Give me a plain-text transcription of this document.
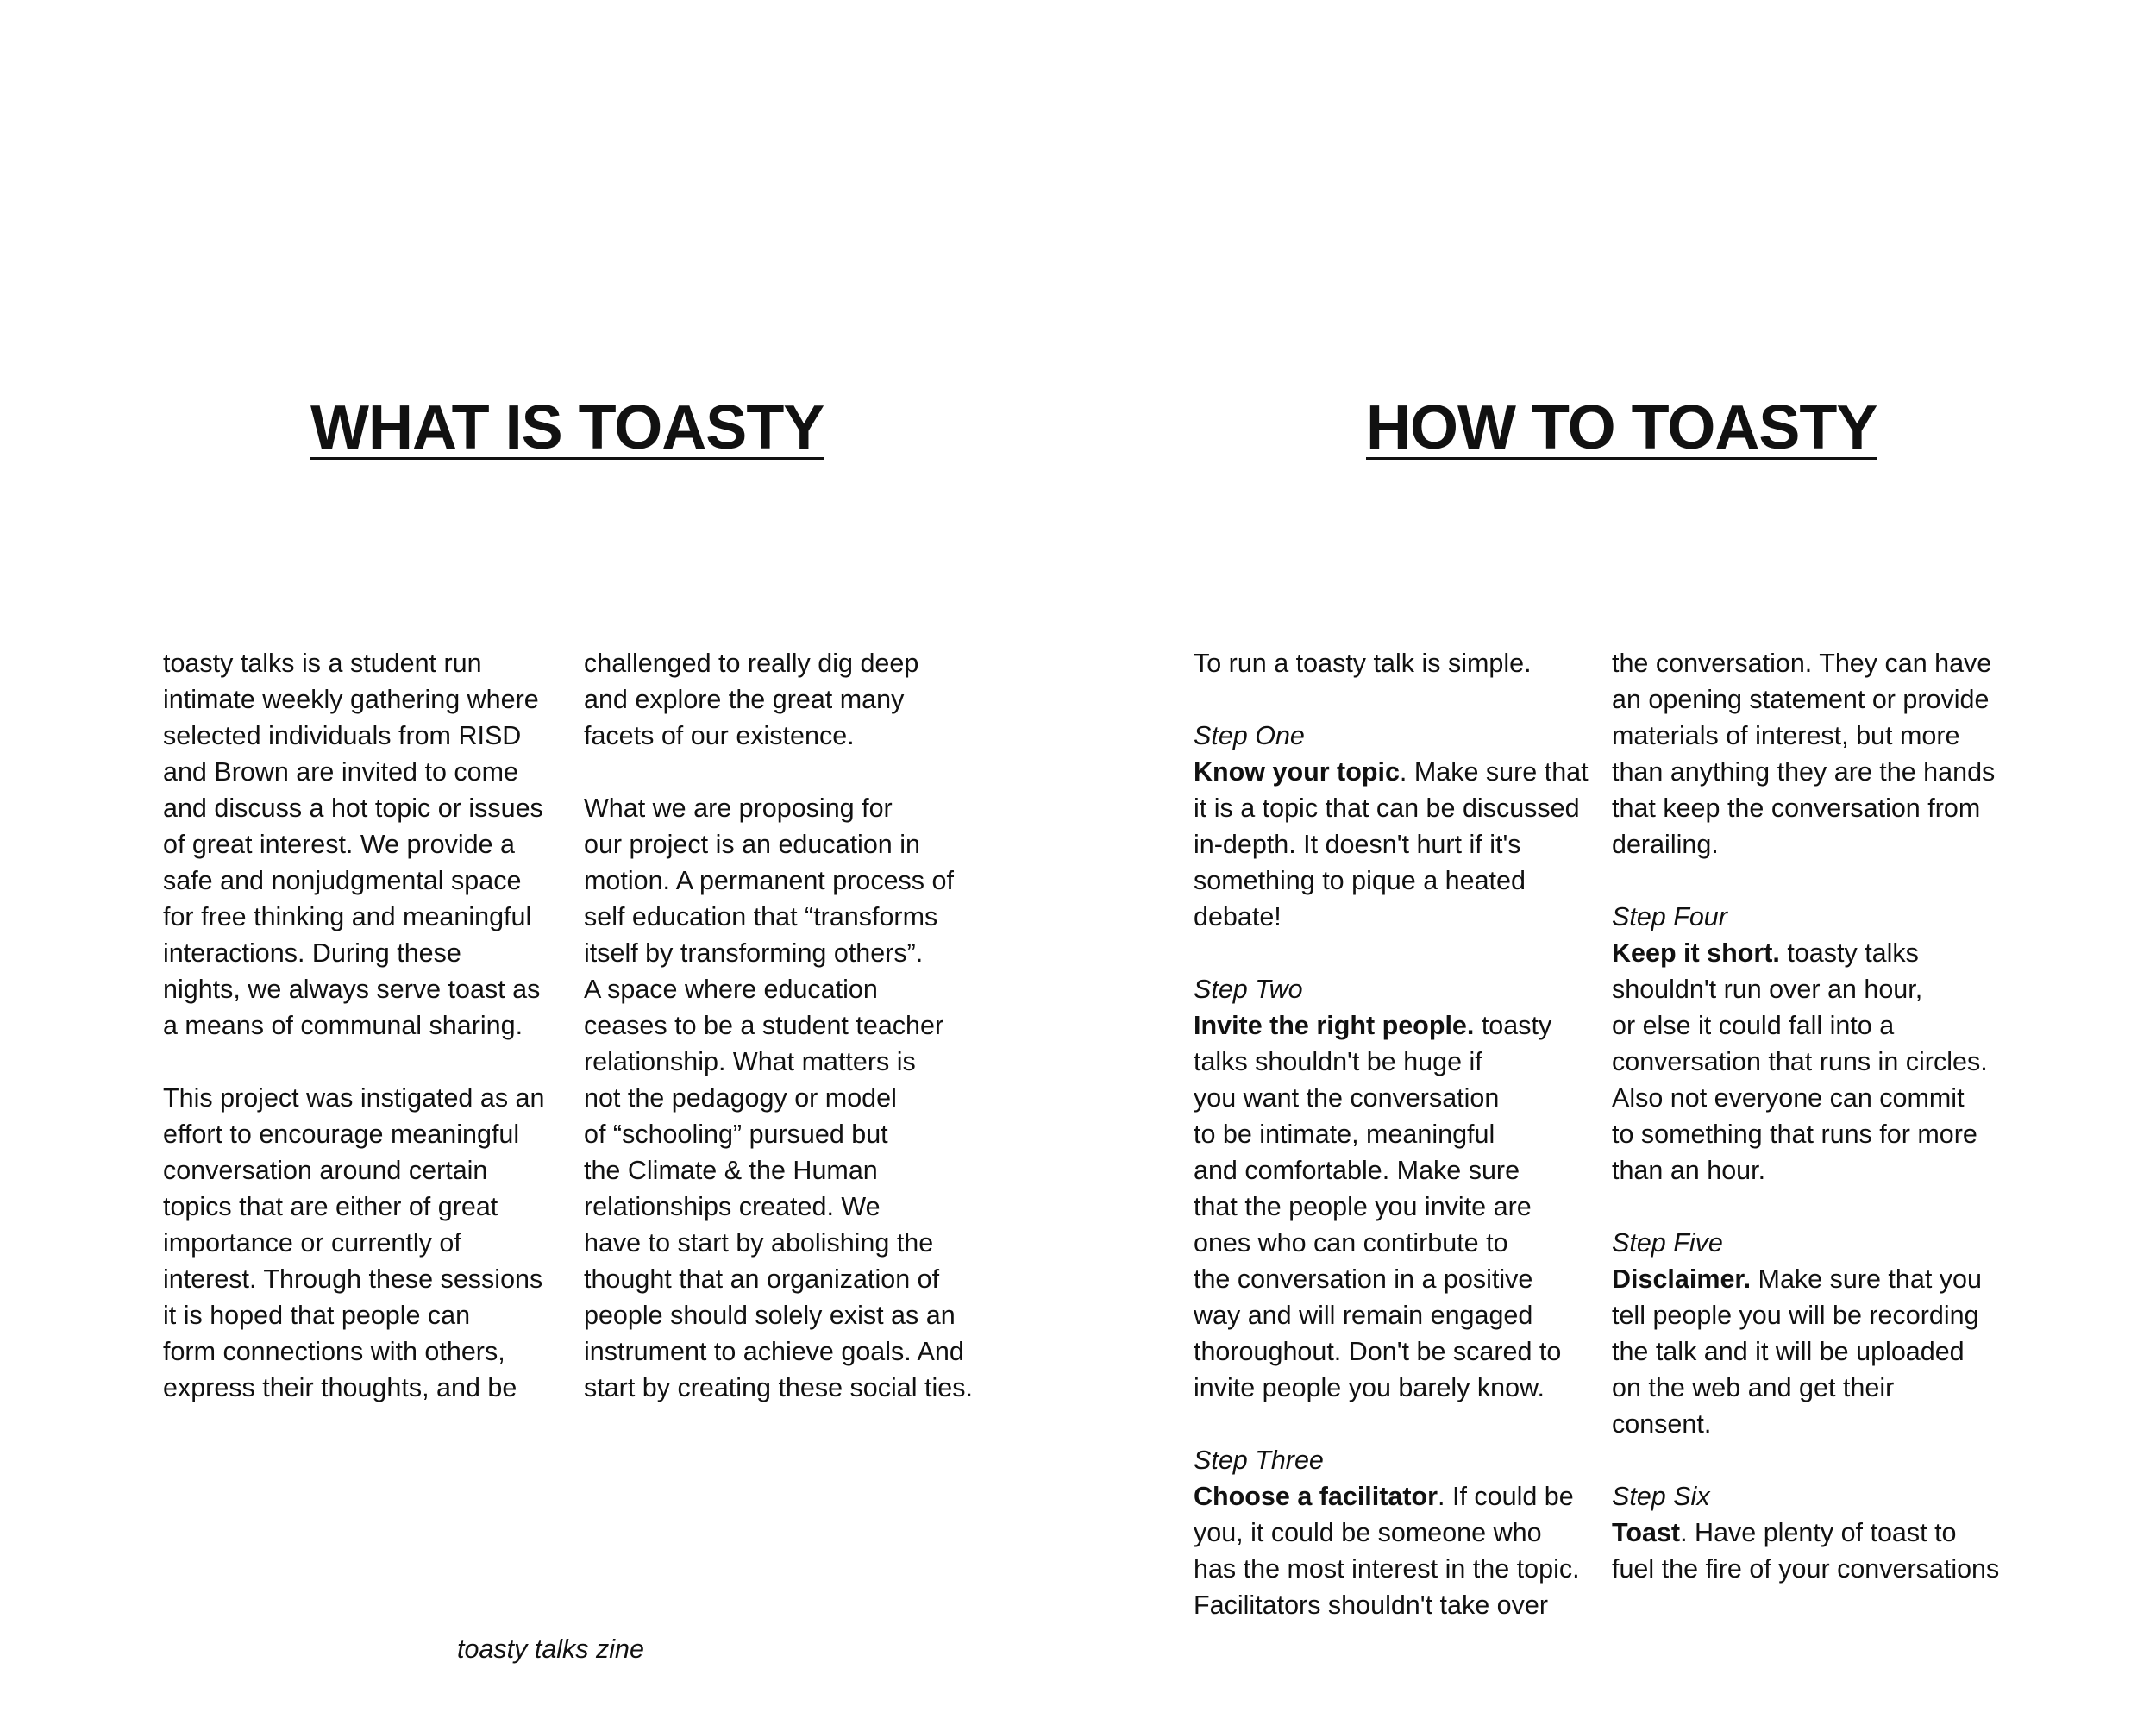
WHAT IS TOASTY	HOW TO TOASTY
toasty talks is a student run
intimate weekly gathering where
selected individuals from RISD
and Brown are invited to come
and discuss a hot topic or issues
of great interest. We provide a
safe and nonjudgmental space
for free thinking and meaningful
interactions. During these
nights, we always serve toast as
a means of communal sharing.
This project was instigated as an
effort to encourage meaningful
conversation around certain
topics that are either of great
importance or currently of
interest. Through these sessions
it is hoped that people can
form connections with others,
express their thoughts, and be
challenged to really dig deep
and explore the great many
facets of our existence.
What we are proposing for
our project is an education in
motion. A permanent process of
self education that “transforms
itself by transforming others”.
A space where education
ceases to be a student teacher
relationship. What matters is
not the pedagogy or model
of “schooling” pursued but
the Climate & the Human
relationships created. We
have to start by abolishing the
thought that an organization of
people should solely exist as an
instrument to achieve goals. And
start by creating these social ties.
To run a toasty talk is simple.
Step One
Know your topic. Make sure that
it is a topic that can be discussed
in-depth. It doesn't hurt if it's
something to pique a heated
debate!
Step Two
Invite the right people. toasty
talks shouldn't be huge if
you want the conversation
to be intimate, meaningful
and comfortable. Make sure
that the people you invite are
ones who can contirbute to
the conversation in a positive
way and will remain engaged
thoroughout. Don't be scared to
invite people you barely know.
Step Three
Choose a facilitator. If could be
you, it could be someone who
has the most interest in the topic.
Facilitators shouldn't take over
the conversation. They can have
an opening statement or provide
materials of interest, but more
than anything they are the hands
that keep the conversation from
derailing.
Step Four
Keep it short. toasty talks
shouldn't run over an hour,
or else it could fall into a
conversation that runs in circles.
Also not everyone can commit
to something that runs for more
than an hour.
Step Five
Disclaimer. Make sure that you
tell people you will be recording
the talk and it will be uploaded
on the web and get their
consent.
Step Six
Toast. Have plenty of toast to
fuel the fire of your conversations
toasty talks zine
